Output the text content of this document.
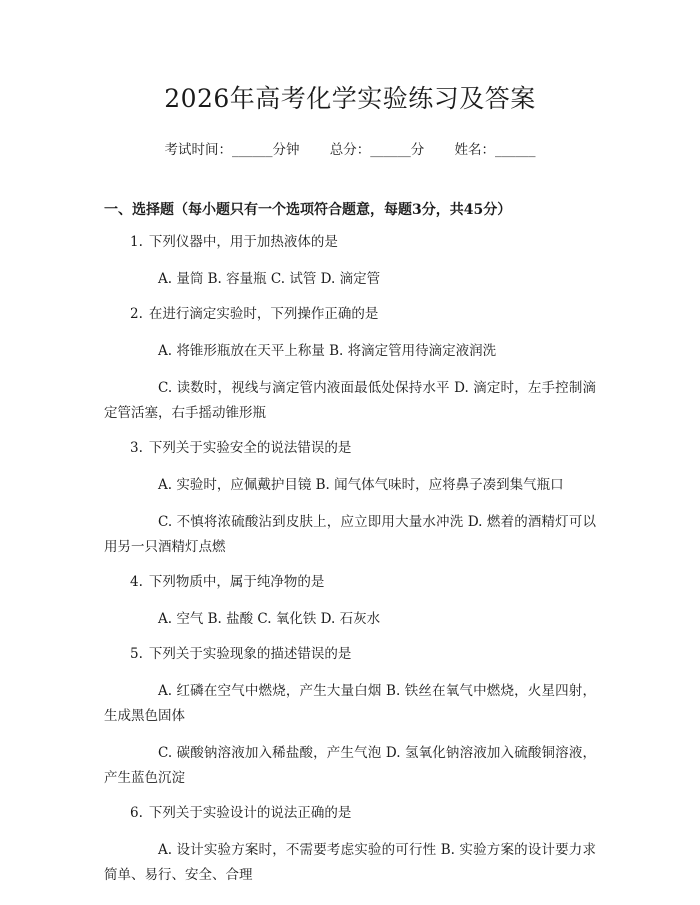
2026年高考化学实验练习及答案
考试时间：______分钟 总分：______分 姓名：______
一、选择题（每小题只有一个选项符合题意，每题3分，共45分）
1. 下列仪器中，用于加热液体的是
A. 量筒 B. 容量瓶 C. 试管 D. 滴定管
2. 在进行滴定实验时，下列操作正确的是
A. 将锥形瓶放在天平上称量 B. 将滴定管用待滴定液润洗
C. 读数时，视线与滴定管内液面最低处保持水平 D. 滴定时，左手控制滴定管活塞，右手摇动锥形瓶
3. 下列关于实验安全的说法错误的是
A. 实验时，应佩戴护目镜 B. 闻气体气味时，应将鼻子凑到集气瓶口
C. 不慎将浓硫酸沾到皮肤上，应立即用大量水冲洗 D. 燃着的酒精灯可以用另一只酒精灯点燃
4. 下列物质中，属于纯净物的是
A. 空气 B. 盐酸 C. 氧化铁 D. 石灰水
5. 下列关于实验现象的描述错误的是
A. 红磷在空气中燃烧，产生大量白烟 B. 铁丝在氧气中燃烧，火星四射，生成黑色固体
C. 碳酸钠溶液加入稀盐酸，产生气泡 D. 氢氧化钠溶液加入硫酸铜溶液，产生蓝色沉淀
6. 下列关于实验设计的说法正确的是
A. 设计实验方案时，不需要考虑实验的可行性 B. 实验方案的设计要力求简单、易行、安全、合理
